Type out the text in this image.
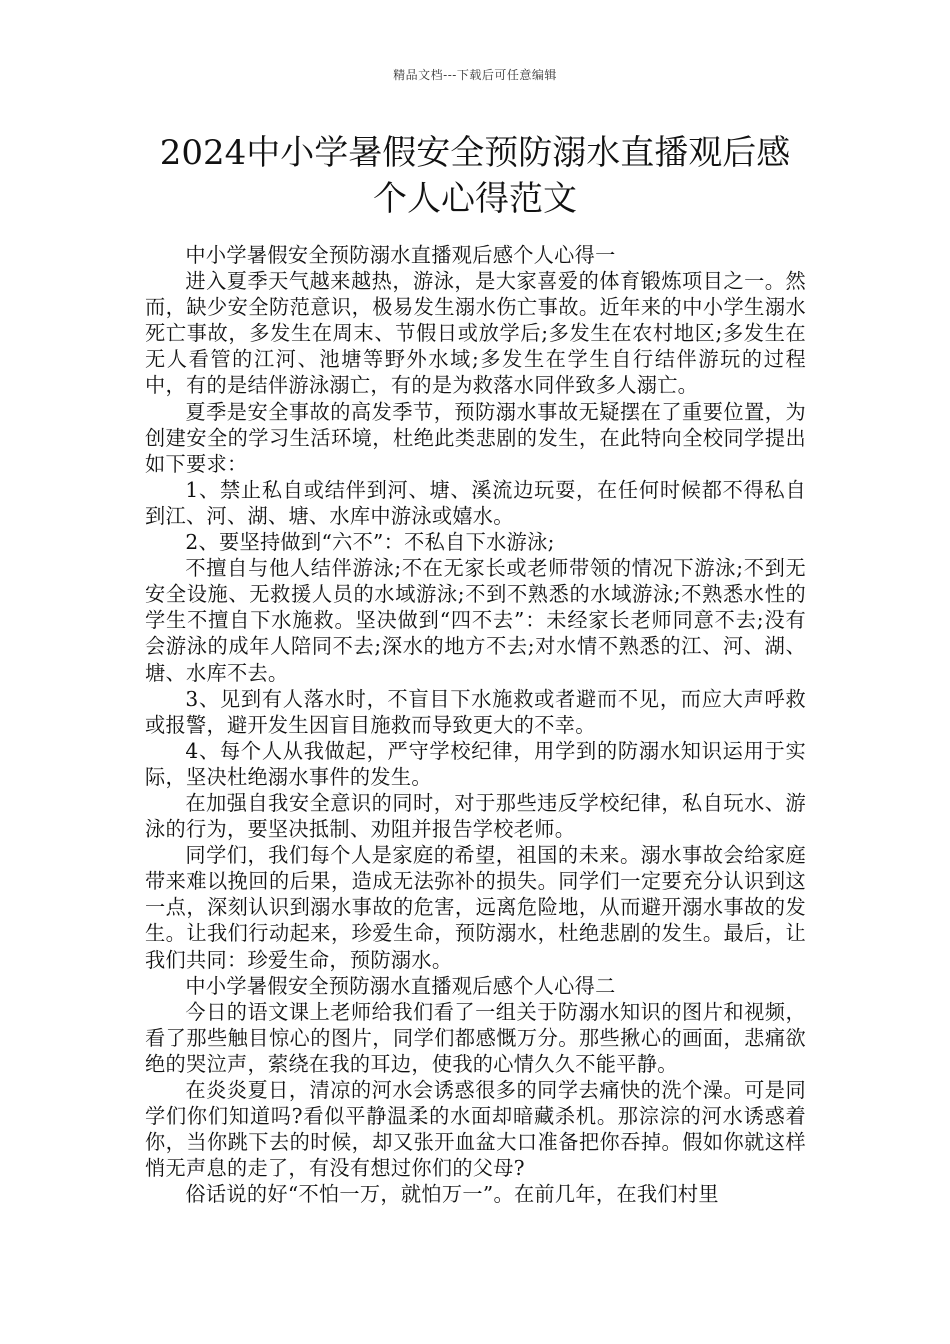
精品文档---下载后可任意编辑
2024中小学暑假安全预防溺水直播观后感
个人心得范文

中小学暑假安全预防溺水直播观后感个人心得一

进入夏季天气越来越热，游泳，是大家喜爱的体育锻炼项目之一。然而，缺少安全防范意识，极易发生溺水伤亡事故。近年来的中小学生溺水死亡事故，多发生在周末、节假日或放学后;多发生在农村地区;多发生在无人看管的江河、池塘等野外水域;多发生在学生自行结伴游玩的过程中，有的是结伴游泳溺亡，有的是为救落水同伴致多人溺亡。

夏季是安全事故的高发季节，预防溺水事故无疑摆在了重要位置，为创建安全的学习生活环境，杜绝此类悲剧的发生，在此特向全校同学提出如下要求：

1、禁止私自或结伴到河、塘、溪流边玩耍，在任何时候都不得私自到江、河、湖、塘、水库中游泳或嬉水。

2、要坚持做到“六不”：不私自下水游泳;

不擅自与他人结伴游泳;不在无家长或老师带领的情况下游泳;不到无安全设施、无救援人员的水域游泳;不到不熟悉的水域游泳;不熟悉水性的学生不擅自下水施救。坚决做到“四不去”：未经家长老师同意不去;没有会游泳的成年人陪同不去;深水的地方不去;对水情不熟悉的江、河、湖、塘、水库不去。

3、见到有人落水时，不盲目下水施救或者避而不见，而应大声呼救或报警，避开发生因盲目施救而导致更大的不幸。

4、每个人从我做起，严守学校纪律，用学到的防溺水知识运用于实际，坚决杜绝溺水事件的发生。

在加强自我安全意识的同时，对于那些违反学校纪律，私自玩水、游泳的行为，要坚决抵制、劝阻并报告学校老师。

同学们，我们每个人是家庭的希望，祖国的未来。溺水事故会给家庭带来难以挽回的后果，造成无法弥补的损失。同学们一定要充分认识到这一点，深刻认识到溺水事故的危害，远离危险地，从而避开溺水事故的发生。让我们行动起来，珍爱生命，预防溺水，杜绝悲剧的发生。最后，让我们共同：珍爱生命，预防溺水。

中小学暑假安全预防溺水直播观后感个人心得二

今日的语文课上老师给我们看了一组关于防溺水知识的图片和视频，看了那些触目惊心的图片，同学们都感慨万分。那些揪心的画面，悲痛欲绝的哭泣声，萦绕在我的耳边，使我的心情久久不能平静。

在炎炎夏日，清凉的河水会诱惑很多的同学去痛快的洗个澡。可是同学们你们知道吗?看似平静温柔的水面却暗藏杀机。那淙淙的河水诱惑着你，当你跳下去的时候，却又张开血盆大口准备把你吞掉。假如你就这样悄无声息的走了，有没有想过你们的父母?

俗话说的好“不怕一万，就怕万一”。在前几年，在我们村里
